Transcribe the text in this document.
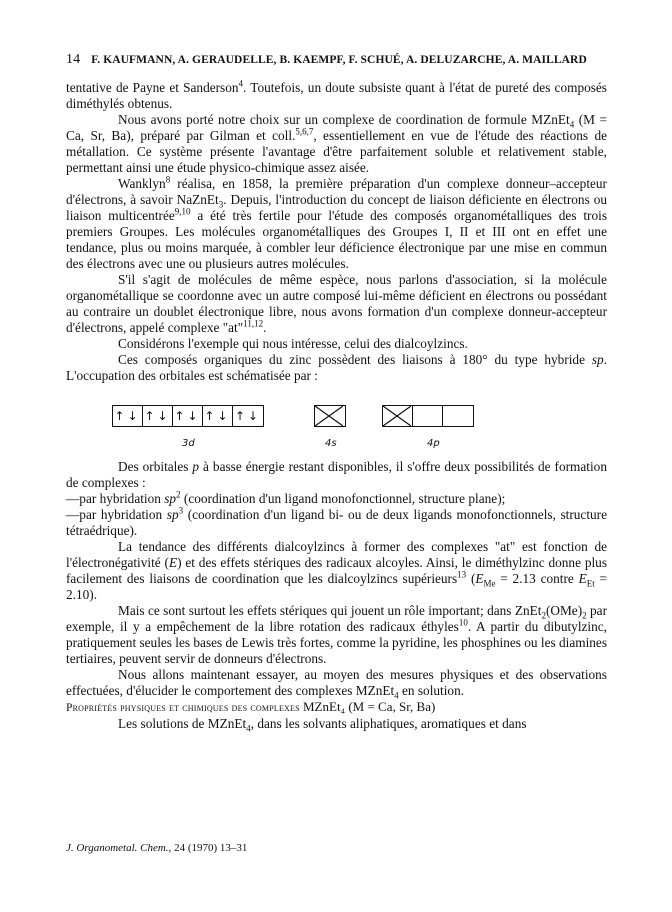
14 F. KAUFMANN, A. GERAUDELLE, B. KAEMPF, F. SCHUÉ, A. DELUZARCHE, A. MAILLARD

tentative de Payne et Sanderson$^4$. Toutefois, un doute subsiste quant à l'état de pureté des composés diméthylés obtenus.

Nous avons porté notre choix sur un complexe de coordination de formule MZnEt$_4$ (M = Ca, Sr, Ba), préparé par Gilman et coll.$^{5,6,7}$, essentiellement en vue de l'étude des réactions de métallation. Ce système présente l'avantage d'être parfaitement soluble et relativement stable, permettant ainsi une étude physico-chimique assez aisée.

Wanklyn$^8$ réalisa, en 1858, la première préparation d'un complexe donneur–accepteur d'électrons, à savoir NaZnEt$_3$. Depuis, l'introduction du concept de liaison déficiente en électrons ou liaison multicentrée$^{9,10}$ a été très fertile pour l'étude des composés organométalliques des trois premiers Groupes. Les molécules organométalliques des Groupes I, II et III ont en effet une tendance, plus ou moins marquée, à combler leur déficience électronique par une mise en commun des électrons avec une ou plusieurs autres molécules.

S'il s'agit de molécules de même espèce, nous parlons d'association, si la molécule organométallique se coordonne avec un autre composé lui-même déficient en électrons ou possédant au contraire un doublet électronique libre, nous avons formation d'un complexe donneur-accepteur d'électrons, appelé complexe "at"$^{11,12}$.

Considérons l'exemple qui nous intéresse, celui des dialcoylzincs.

Ces composés organiques du zinc possèdent des liaisons à 180° du type hybride sp. L'occupation des orbitales est schématisée par :

↑↓ ↑↓ ↑↓ ↑↓ ↑↓
3d	4s	4p

Des orbitales p à basse énergie restant disponibles, il s'offre deux possibilités de formation de complexes :

—par hybridation $sp^2$ (coordination d'un ligand monofonctionnel, structure plane);

—par hybridation $sp^3$ (coordination d'un ligand bi- ou de deux ligands monofonctionnels, structure tétraédrique).

La tendance des différents dialcoylzincs à former des complexes "at" est fonction de l'électronégativité (E) et des effets stériques des radicaux alcoyles. Ainsi, le diméthylzinc donne plus facilement des liaisons de coordination que les dialcoylzincs supérieurs$^{13}$ ($E_{Me} = 2.13$ contre $E_{Et} = 2.10$).

Mais ce sont surtout les effets stériques qui jouent un rôle important; dans $ZnEt_2(OMe)_2$ par exemple, il y a empêchement de la libre rotation des radicaux éthyles$^{10}$. A partir du dibutylzinc, pratiquement seules les bases de Lewis très fortes, comme la pyridine, les phosphines ou les diamines tertiaires, peuvent servir de donneurs d'électrons.

Nous allons maintenant essayer, au moyen des mesures physiques et des observations effectuées, d'élucider le comportement des complexes MZnEt$_4$ en solution.

Propriétés physiques et chimiques des complexes MZnEt₄ (M = Ca, Sr, Ba)

Les solutions de MZnEt$_4$, dans les solvants aliphatiques, aromatiques et dans

J. Organometal. Chem., 24 (1970) 13–31
